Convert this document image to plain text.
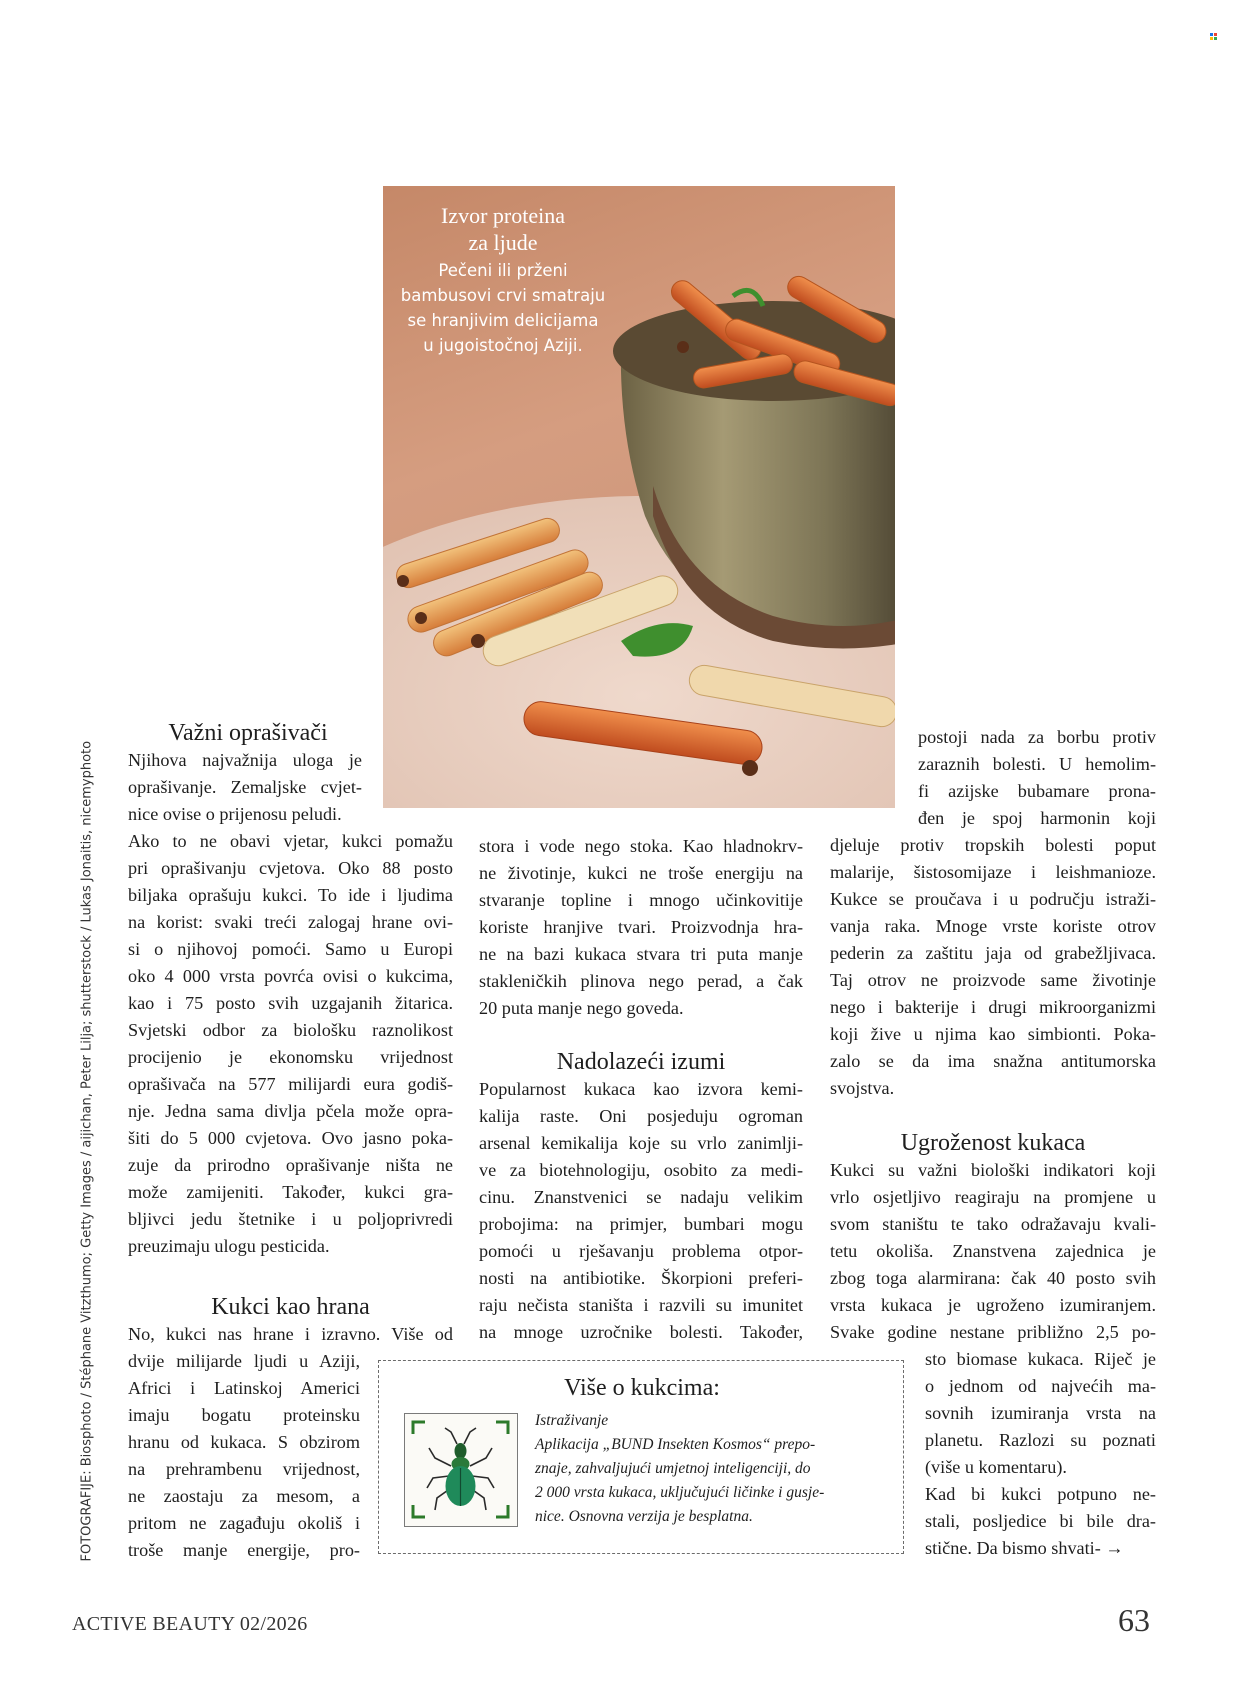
Izvor proteina
za ljude
Pečeni ili prženi
bambusovi crvi smatraju
se hranjivim delicijama
u jugoistočnoj Aziji.
FOTOGRAFIJE: Biosphoto / Stéphane Vitzthumo; Getty Images / aijichan, Peter Lilja; shutterstock / Lukas Jonaitis, nicemyphoto
Važni oprašivači

Njihova najvažnija uloga je

oprašivanje. Zemaljske cvjet-

nice ovise o prijenosu peludi.

Ako to ne obavi vjetar, kukci pomažu

pri oprašivanju cvjetova. Oko 88 posto

biljaka oprašuju kukci. To ide i ljudima

na korist: svaki treći zalogaj hrane ovi-

si o njihovoj pomoći. Samo u Europi

oko 4 000 vrsta povrća ovisi o kukcima,

kao i 75 posto svih uzgajanih žitarica.

Svjetski odbor za biološku raznolikost

procijenio je ekonomsku vrijednost

oprašivača na 577 milijardi eura godiš-

nje. Jedna sama divlja pčela može opra-

šiti do 5 000 cvjetova. Ovo jasno poka-

zuje da prirodno oprašivanje ništa ne

može zamijeniti. Također, kukci gra-

bljivci jedu štetnike i u poljoprivredi

preuzimaju ulogu pesticida.

Kukci kao hrana

No, kukci nas hrane i izravno. Više od

dvije milijarde ljudi u Aziji,

Africi i Latinskoj Americi

imaju bogatu proteinsku

hranu od kukaca. S obzirom

na prehrambenu vrijednost,

ne zaostaju za mesom, a

pritom ne zagađuju okoliš i

troše manje energije, pro-

stora i vode nego stoka. Kao hladnokrv-

ne životinje, kukci ne troše energiju na

stvaranje topline i mnogo učinkovitije

koriste hranjive tvari. Proizvodnja hra-

ne na bazi kukaca stvara tri puta manje

stakleničkih plinova nego perad, a čak

20 puta manje nego goveda.

Nadolazeći izumi

Popularnost kukaca kao izvora kemi-

kalija raste. Oni posjeduju ogroman

arsenal kemikalija koje su vrlo zanimlji-

ve za biotehnologiju, osobito za medi-

cinu. Znanstvenici se nadaju velikim

probojima: na primjer, bumbari mogu

pomoći u rješavanju problema otpor-

nosti na antibiotike. Škorpioni preferi-

raju nečista staništa i razvili su imunitet

na mnoge uzročnike bolesti. Također,

postoji nada za borbu protiv

zaraznih bolesti. U hemolim-

fi azijske bubamare prona-

đen je spoj harmonin koji

djeluje protiv tropskih bolesti poput

malarije, šistosomijaze i leishmanioze.

Kukce se proučava i u području istraži-

vanja raka. Mnoge vrste koriste otrov

pederin za zaštitu jaja od grabežljivaca.

Taj otrov ne proizvode same životinje

nego i bakterije i drugi mikroorganizmi

koji žive u njima kao simbionti. Poka-

zalo se da ima snažna antitumorska

svojstva.

Ugroženost kukaca

Kukci su važni biološki indikatori koji

vrlo osjetljivo reagiraju na promjene u

svom staništu te tako odražavaju kvali-

tetu okoliša. Znanstvena zajednica je

zbog toga alarmirana: čak 40 posto svih

vrsta kukaca je ugroženo izumiranjem.

Svake godine nestane približno 2,5 po-

sto biomase kukaca. Riječ je

o jednom od najvećih ma-

sovnih izumiranja vrsta na

planetu. Razlozi su poznati

(više u komentaru).

Kad bi kukci potpuno ne-

stali, posljedice bi bile dra-

stične. Da bismo shvati- →

Više o kukcima:

Istraživanje

Aplikacija „BUND Insekten Kosmos“ prepo-

znaje, zahvaljujući umjetnoj inteligenciji, do

2 000 vrsta kukaca, uključujući ličinke i gusje-

nice. Osnovna verzija je besplatna.

ACTIVE BEAUTY 02/2026	63
